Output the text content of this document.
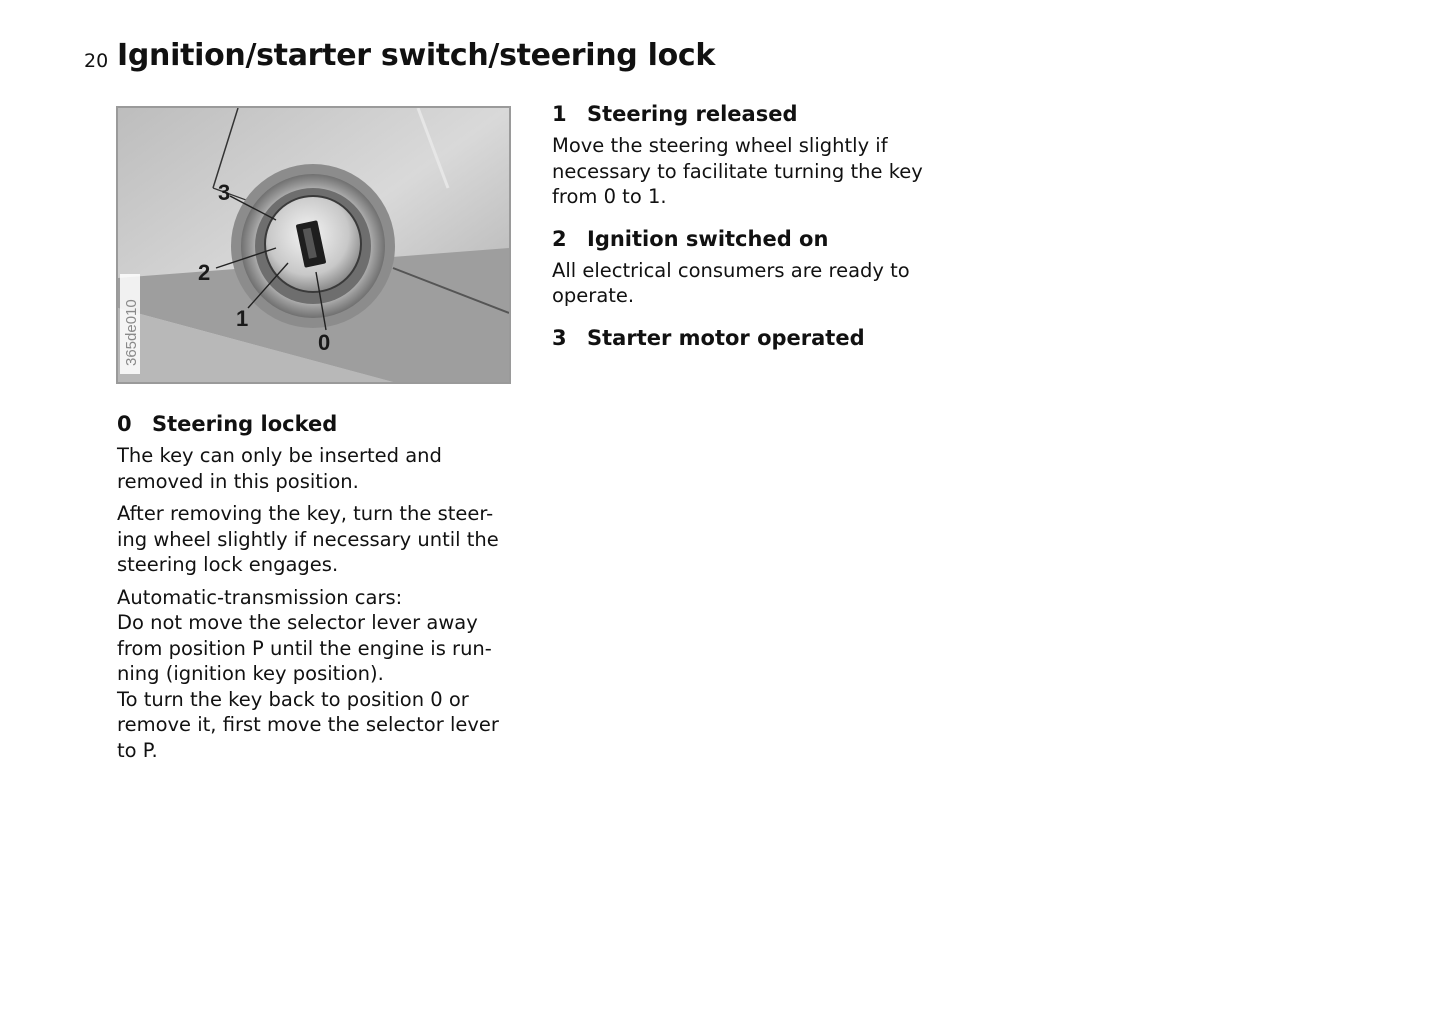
20 Ignition/starter switch/steering lock
3
2
1
0
365de010
0 Steering locked

The key can only be inserted and
removed in this position.

After removing the key, turn the steer-
ing wheel slightly if necessary until the
steering lock engages.

Automatic-transmission cars:
Do not move the selector lever away
from position P until the engine is run-
ning (ignition key position).
To turn the key back to position 0 or
remove it, first move the selector lever
to P.

1 Steering released

Move the steering wheel slightly if
necessary to facilitate turning the key
from 0 to 1.

2 Ignition switched on

All electrical consumers are ready to
operate.

3 Starter motor operated
